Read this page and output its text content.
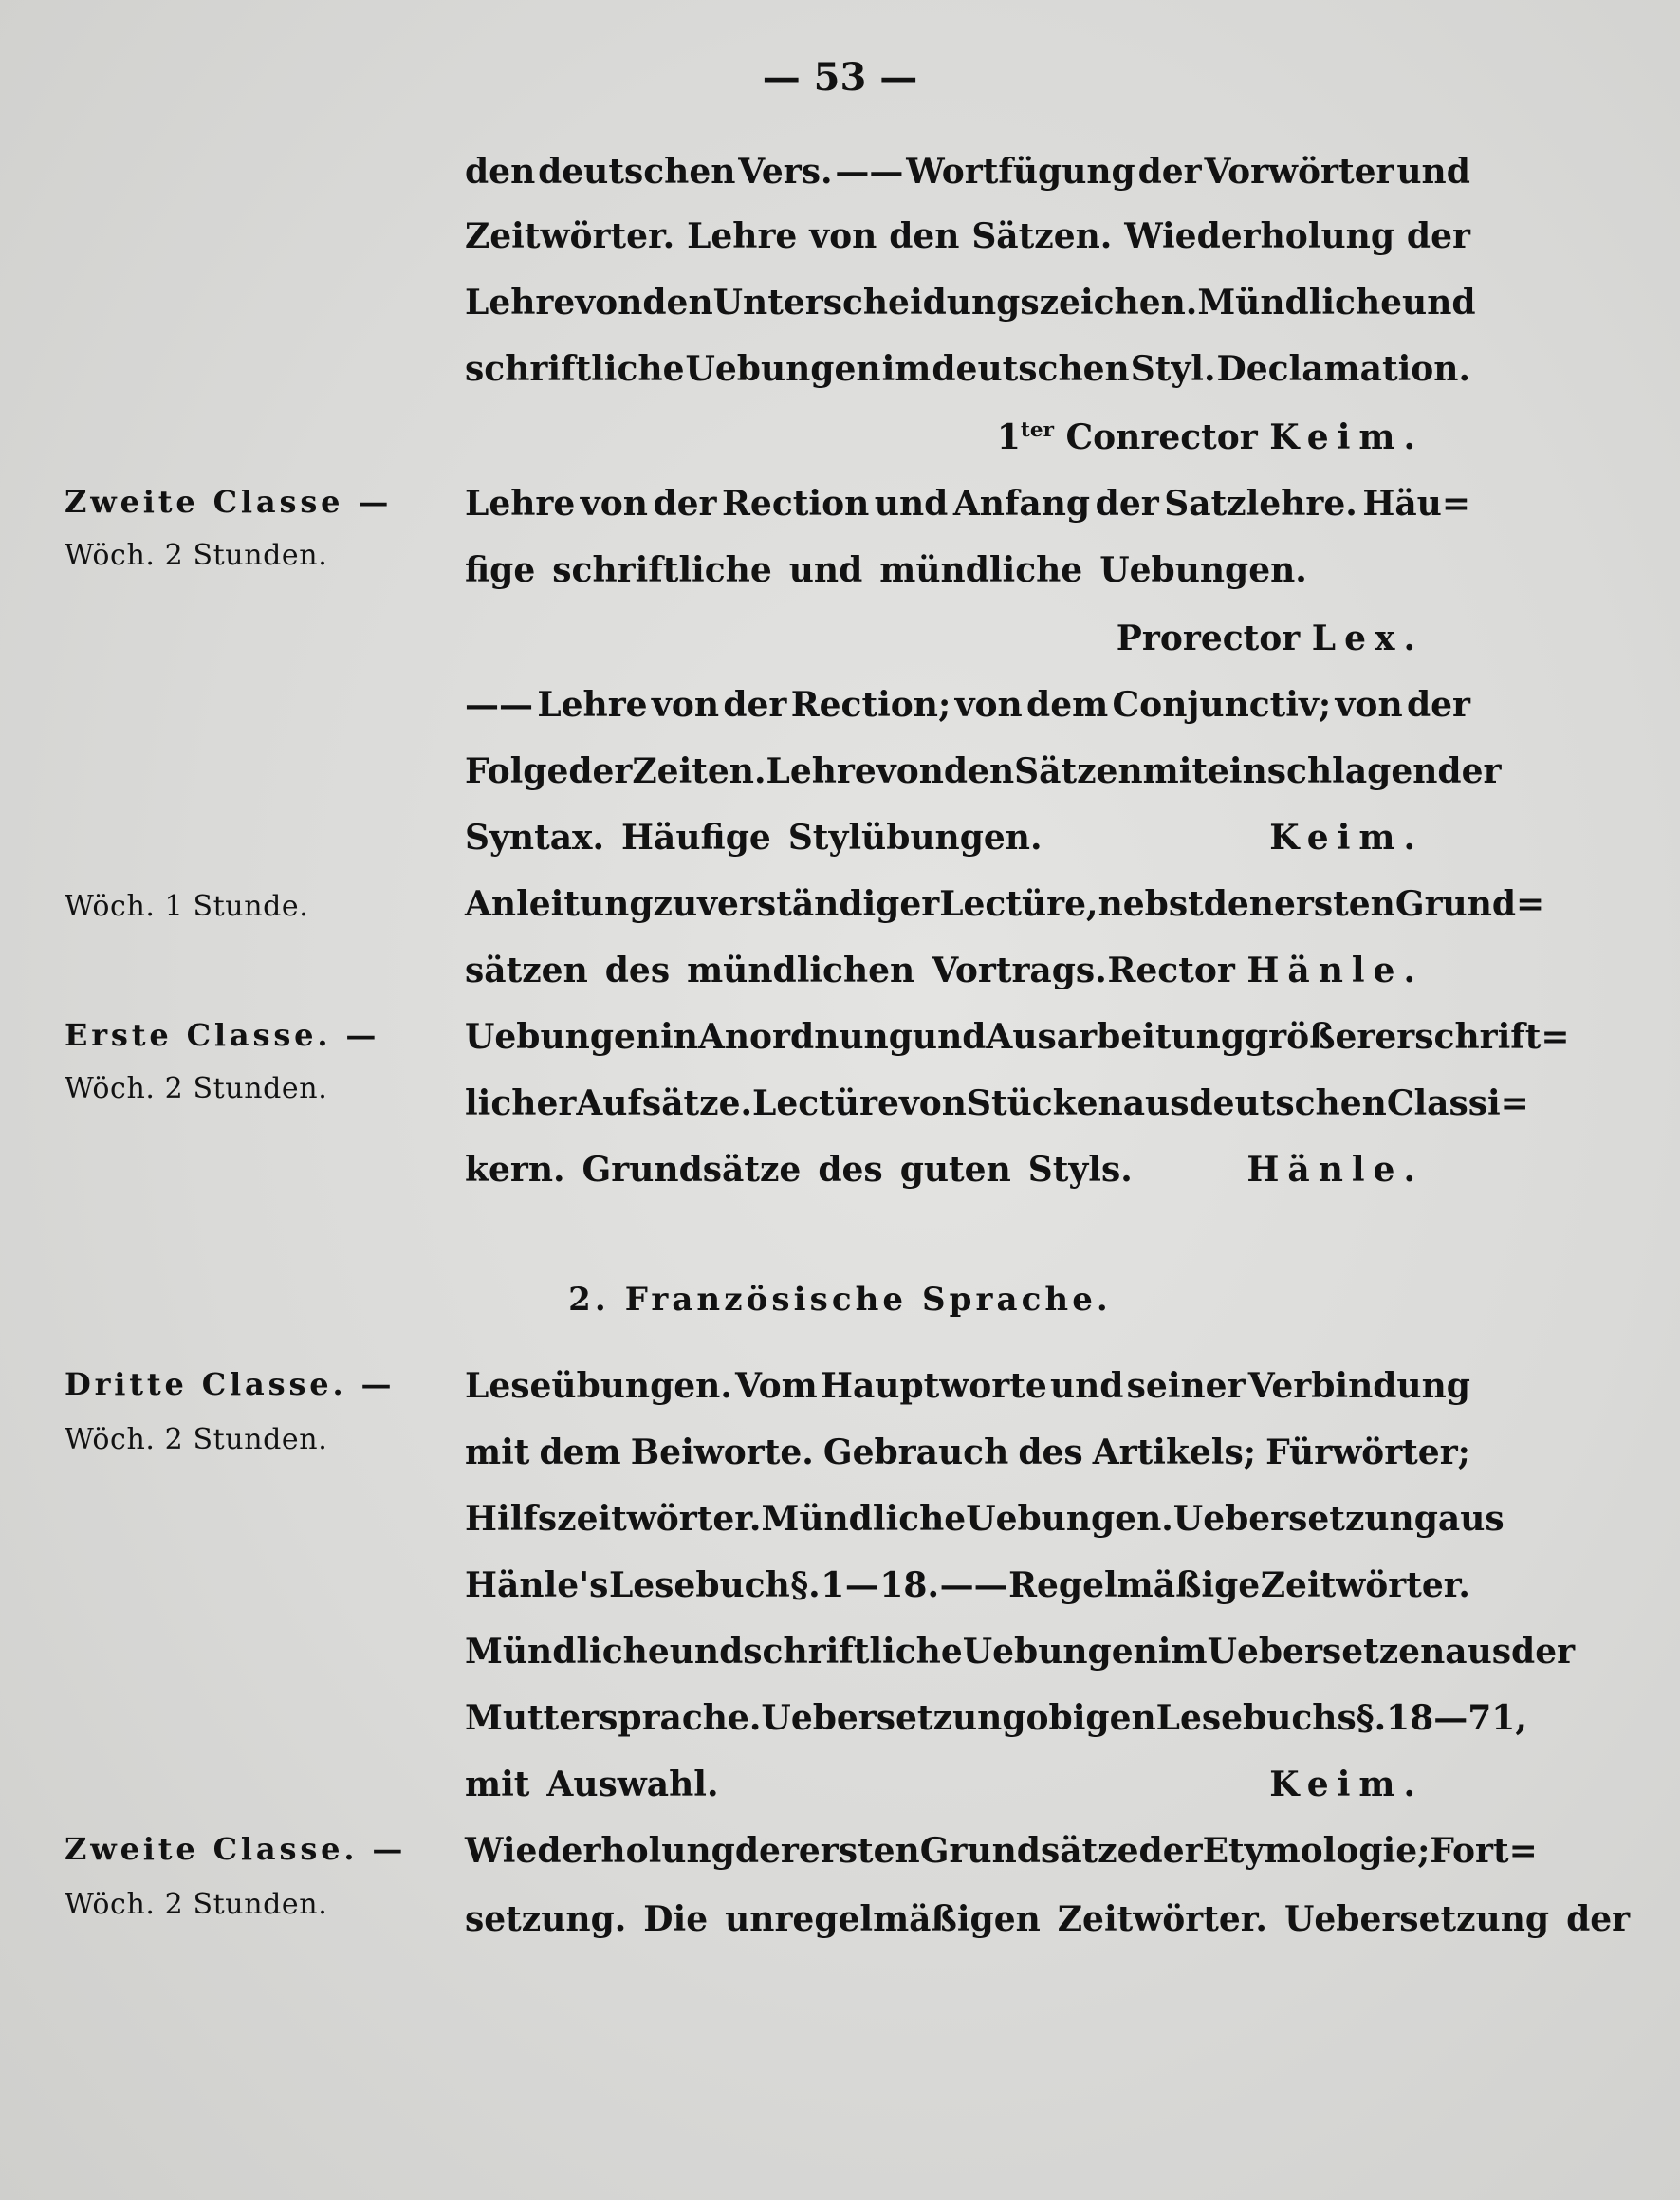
— 53 —
den deutschen Vers. —— Wortfügung der Vorwörter und
Zeitwörter. Lehre von den Sätzen. Wiederholung der
Lehre von den Unterscheidungszeichen. Mündliche und
schriftliche Uebungen im deutschen Styl. Declamation.
Lehre von der Rection und Anfang der Satzlehre. Häu=
fige schriftliche und mündliche Uebungen.
—— Lehre von der Rection; von dem Conjunctiv; von der
Folge der Zeiten. Lehre von den Sätzen mit einschlagender
Syntax. Häufige Stylübungen.
Anleitung zu verständiger Lectüre, nebst den ersten Grund=
sätzen des mündlichen Vortrags.
Uebungen in Anordnung und Ausarbeitung größerer schrift=
licher Aufsätze. Lectüre von Stücken aus deutschen Classi=
kern. Grundsätze des guten Styls.
Leseübungen. Vom Hauptworte und seiner Verbindung
mit dem Beiworte. Gebrauch des Artikels; Fürwörter;
Hilfszeitwörter. Mündliche Uebungen. Uebersetzung aus
Hänle's Lesebuch §. 1 — 18. —— Regelmäßige Zeitwörter.
Mündliche und schriftliche Uebungen im Uebersetzen aus der
Muttersprache. Uebersetzung obigen Lesebuchs §. 18 — 71,
mit Auswahl.
Wiederholung der ersten Grundsätze der Etymologie; Fort=
setzung. Die unregelmäßigen Zeitwörter. Uebersetzung der
$1^{ter}$ Conrector Keim.
Prorector Lex.
Keim.
Rector Hänle.
Hänle.
Keim.
Zweite Classe —
Wöch. 2 Stunden.
Wöch. 1 Stunde.
Erste Classe. —
Wöch. 2 Stunden.
Dritte Classe. —
Wöch. 2 Stunden.
Zweite Classe. —
Wöch. 2 Stunden.
2. Französische Sprache.
